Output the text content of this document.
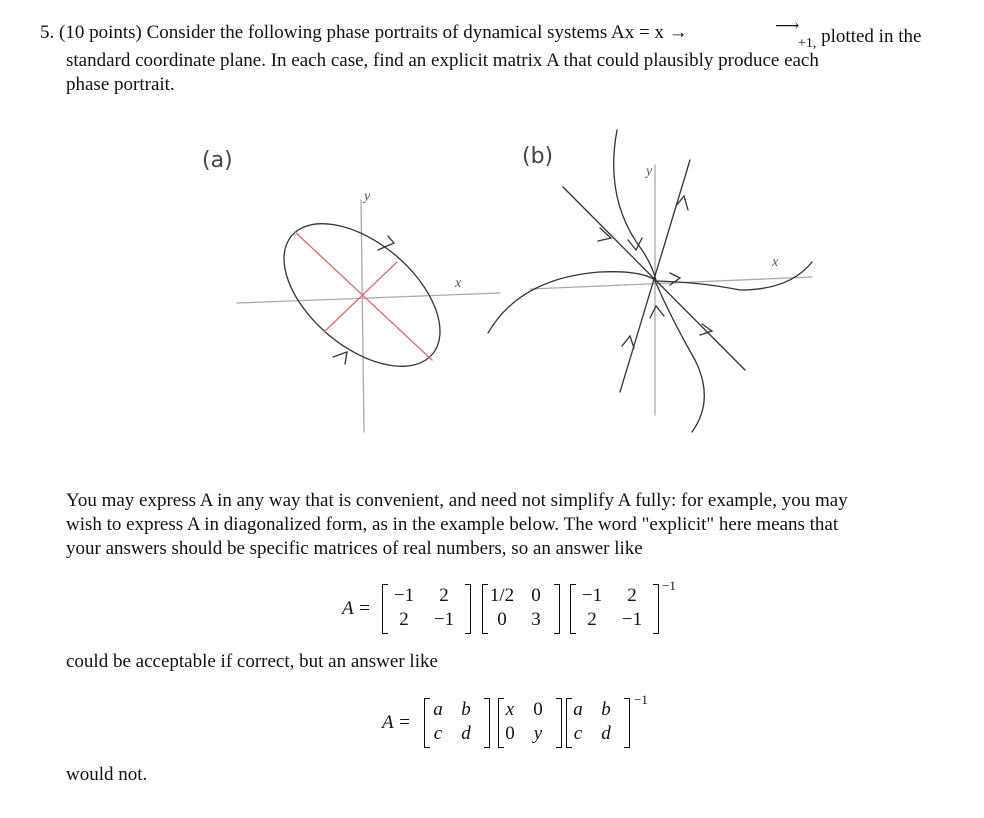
5. (10 points) Consider the following phase portraits of dynamical systems Ax = x →	⟶
$_{+1,}$ plotted in the
standard coordinate plane. In each case, find an explicit matrix A that could plausibly produce each
phase portrait.
(a)
x
y
(b)
x
y
You may express A in any way that is convenient, and need not simplify A fully: for example, you may
wish to express A in diagonalized form, as in the example below. The word "explicit" here means that
your answers should be specific matrices of real numbers, so an answer like
A =
−1	2
2	−1
1/2 0
0	3
−1	2
2	−1
−1
could be acceptable if correct, but an answer like
A =
a b
c	d
x	0
0	y
a b
c	d
−1
would not.
